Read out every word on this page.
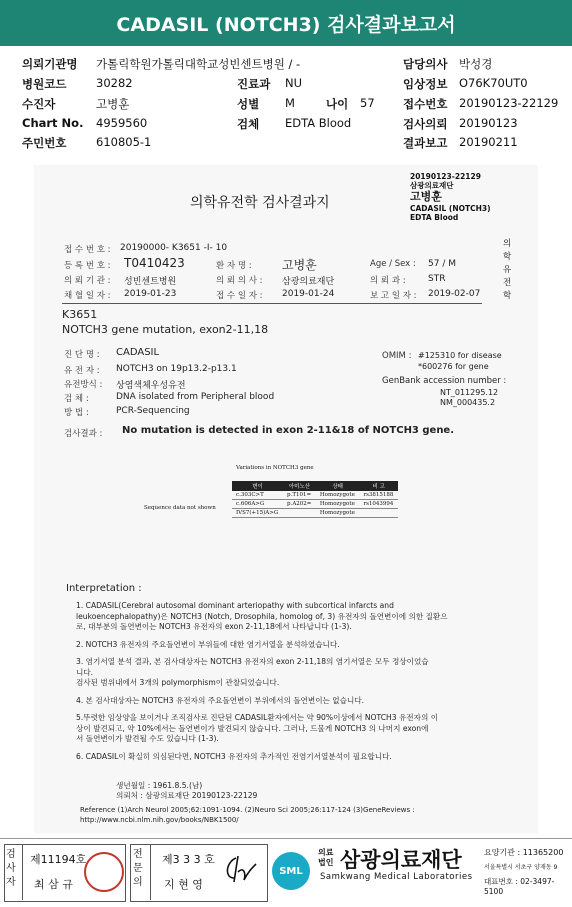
CADASIL (NOTCH3) 검사결과보고서
의뢰기관명 가톨릭학원가톨릭대학교성빈센트병원 / -	담당의사 박성경
병원코드	30282	진료과 NU	임상정보 O76K70UT0
수진자	고병훈	성별 M	나이 57 접수번호 20190123-22129
Chart No. 4959560	검체 EDTA Blood	검사의뢰 20190123
주민번호	610805-1	결과보고 20190211
20190123-22129
삼광의료재단
고병훈
CADASIL (NOTCH3)
EDTA Blood
의학유전학 검사결과지
의학유전학
접 수 번 호 : 20190000- K3651 -I- 10
등 록 번 호 : T0410423	환 자 명 :	고병훈	Age / Sex : 57 / M
의 뢰 기 관 : 성빈센트병원	의 뢰 의 사 : 삼광의료재단	의 뢰 과 : STR
채 혈 일 자 : 2019-01-23	접 수 일 자 : 2019-01-24	보 고 일 자 : 2019-02-07
K3651
NOTCH3 gene mutation, exon2-11,18
진 단 명 : CADASIL
유 전 자 : NOTCH3 on 19p13.2-p13.1
유전방식 : 상염색체우성유전
검 체 :	DNA isolated from Peripheral blood
방 법 :	PCR-Sequencing
OMIM : #125310 for disease
*600276 for gene
GenBank accession number :
NT_011295.12
NM_000435.2
검사결과 : No mutation is detected in exon 2-11&18 of NOTCH3 gene.
Variations in NOTCH3 gene
Sequence data not shown
변이	아미노산	상태	비 고
c.303C>T	p.T101=	Homozygote	rs3815188
c.606A>G	p.A202=	Homozygote	rs1043994
IVS7(+15)A>G		Homozygote	
Interpretation :
1. CADASIL(Cerebral autosomal dominant arteriopathy with subcortical infarcts and
leukoencephalopathy)은 NOTCH3 (Notch, Drosophila, homolog of, 3) 유전자의 돌연변이에 의한 질환으
로, 대부분의 돌연변이는 NOTCH3 유전자의 exon 2-11,18에서 나타납니다 (1-3).
2. NOTCH3 유전자의 주요돌연변이 부위들에 대한 염기서열을 분석하였습니다.
3. 염기서열 분석 결과, 본 검사대상자는 NOTCH3 유전자의 exon 2-11,18의 염기서열은 모두 정상이었습
니다.
검사된 범위내에서 3개의 polymorphism이 관찰되었습니다.
4. 본 검사대상자는 NOTCH3 유전자의 주요돌연변이 부위에서의 돌연변이는 없습니다.
5.뚜렷한 임상양을 보이거나 조직검사로 진단된 CADASIL환자에서는 약 90%이상에서 NOTCH3 유전자의 이
상이 발견되고, 약 10%에서는 돌연변이가 발견되지 않습니다. 그러나, 드물게 NOTCH3 의 나머지 exon에
서 돌연변이가 발견될 수도 있습니다 (1-3).
6. CADASIL이 확실히 의심된다면, NOTCH3 유전자의 추가적인 전염기서열분석이 필요합니다.
생년월일 : 1961.8.5.(남)
의뢰처 : 삼광의료재단 20190123-22129
Reference (1)Arch Neurol 2005;62:1091-1094. (2)Neuro Sci 2005;26:117-124 (3)GeneReviews :
http://www.ncbi.nlm.nih.gov/books/NBK1500/
검사자
제11194호
최 삼 규
전문의
제3 3 3 호
지 현 영
SML
의료
법인 삼광의료재단
Samkwang Medical Laboratories
요양기관 : 11365200
서울특별시 서초구 양재동 9
대표번호 : 02-3497-5100
